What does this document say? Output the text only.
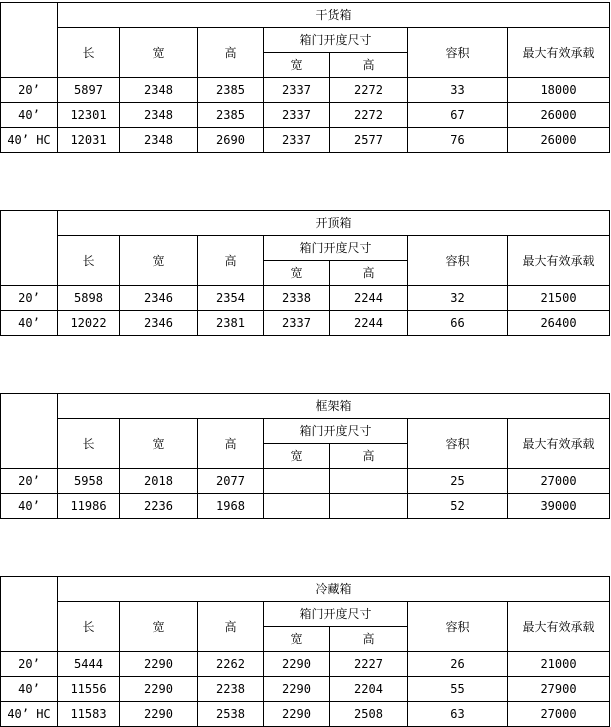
	干货箱						
	长	宽	高	箱门开度尺寸		容积	最大有效承载
				宽	高		

20’	5897	2348	2385	2337	2272	33	18000
40’	12301	2348	2385	2337	2272	67	26000
40’ HC	12031	2348	2690	2337	2577	76	26000
	开顶箱						
	长	宽	高	箱门开度尺寸		容积	最大有效承载
				宽	高		

20’	5898	2346	2354	2338	2244	32	21500
40’	12022	2346	2381	2337	2244	66	26400
	框架箱						
	长	宽	高	箱门开度尺寸		容积	最大有效承载
				宽	高		

20’	5958	2018	2077			25	27000
40’	11986	2236	1968			52	39000
	冷藏箱						
	长	宽	高	箱门开度尺寸		容积	最大有效承载
				宽	高		

20’	5444	2290	2262	2290	2227	26	21000
40’	11556	2290	2238	2290	2204	55	27900
40’ HC	11583	2290	2538	2290	2508	63	27000
